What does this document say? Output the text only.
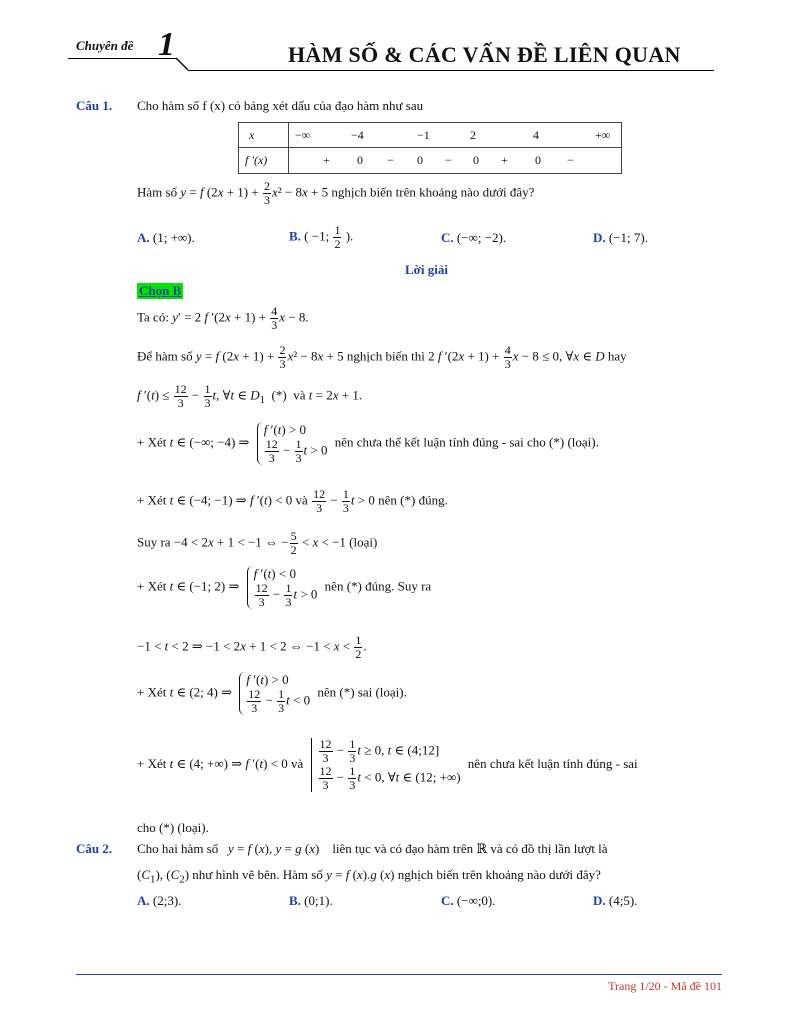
Chuyên đề 1	HÀM SỐ & CÁC VẤN ĐỀ LIÊN QUAN
Câu 1. Cho hàm số f (x) có bảng xét dấu của đạo hàm như sau
x	−∞	−4	−1	2	4	+∞
f ′(x)	+ 0 − 0 − 0 + 0 −
Hàm số y = f $(2x + 1) + \frac{2}{3} x^2 - 8x + 5$ nghịch biến trên khoảng nào dưới đây?
A. (1; +∞).	B. ( −1; $\frac{1}{2}$ ).	C. (−∞; −2).	D. (−1; 7).
Lời giải
Chọn B
Ta có: y′ = 2 f $'(2x + 1) + \frac{4}{3}$ x − 8.
Để hàm số y = f $(2x + 1) + \frac{2}{3} x^2 - 8x + 5$ nghịch biến thì 2 f $'(2x + 1) + \frac{4}{3}$ x − 8 ≤ 0, ∀x ∈ D hay
f $'(t) \le \frac{12}{3} - \frac{1}{3} t$, ∀t ∈ $D_1$  (*)  và t = 2x + 1.
+ Xét t ∈ (−∞; −4) ⇒
f ′(t) > 0
$\frac{12}{3} - \frac{1}{3}$ t > 0
nên chưa thể kết luận tính đúng - sai cho (*) (loại).
+ Xét t ∈ (−4; −1) ⇒ f ′(t) < 0 và $\frac{12}{3} - \frac{1}{3}$ t > 0 nên (*) đúng.
Suy ra −4 < 2x + 1 < −1 ⇔ − $\frac{5}{2} < x < -1$ (loại)
+ Xét t ∈ (−1; 2) ⇒
f ′(t) < 0
$\frac{12}{3} - \frac{1}{3}$ t > 0
nên (*) đúng. Suy ra
−1 < t < 2 ⇒ −1 < 2x + 1 < 2 ⇔ $-1 < x < \frac{1}{2}$ .
+ Xét t ∈ (2; 4) ⇒
f ′(t) > 0
$\frac{12}{3} - \frac{1}{3}$ t < 0
nên (*) sai (loại).
+ Xét t ∈ (4; +∞) ⇒ f ′(t) < 0 và $\frac{12}{3} - \frac{1}{3}$ t ≥ 0, t ∈ (4;12]
$\frac{12}{3} - \frac{1}{3}$ t < 0, ∀t ∈ (12; +∞)
nên chưa kết luận tính đúng - sai
cho (*) (loại).
Câu 2. Cho hai hàm số y = f (x), y = g (x)    liên tục và có đạo hàm trên ℝ và có đồ thị lần lượt là
$(C_1)$, $(C_2)$ như hình vẽ bên. Hàm số y = f (x).g (x) nghịch biến trên khoảng nào dưới đây?
A. (2;3).	B. (0;1).	C. (−∞;0).	D. (4;5).
Trang 1/20 - Mã đề 101
